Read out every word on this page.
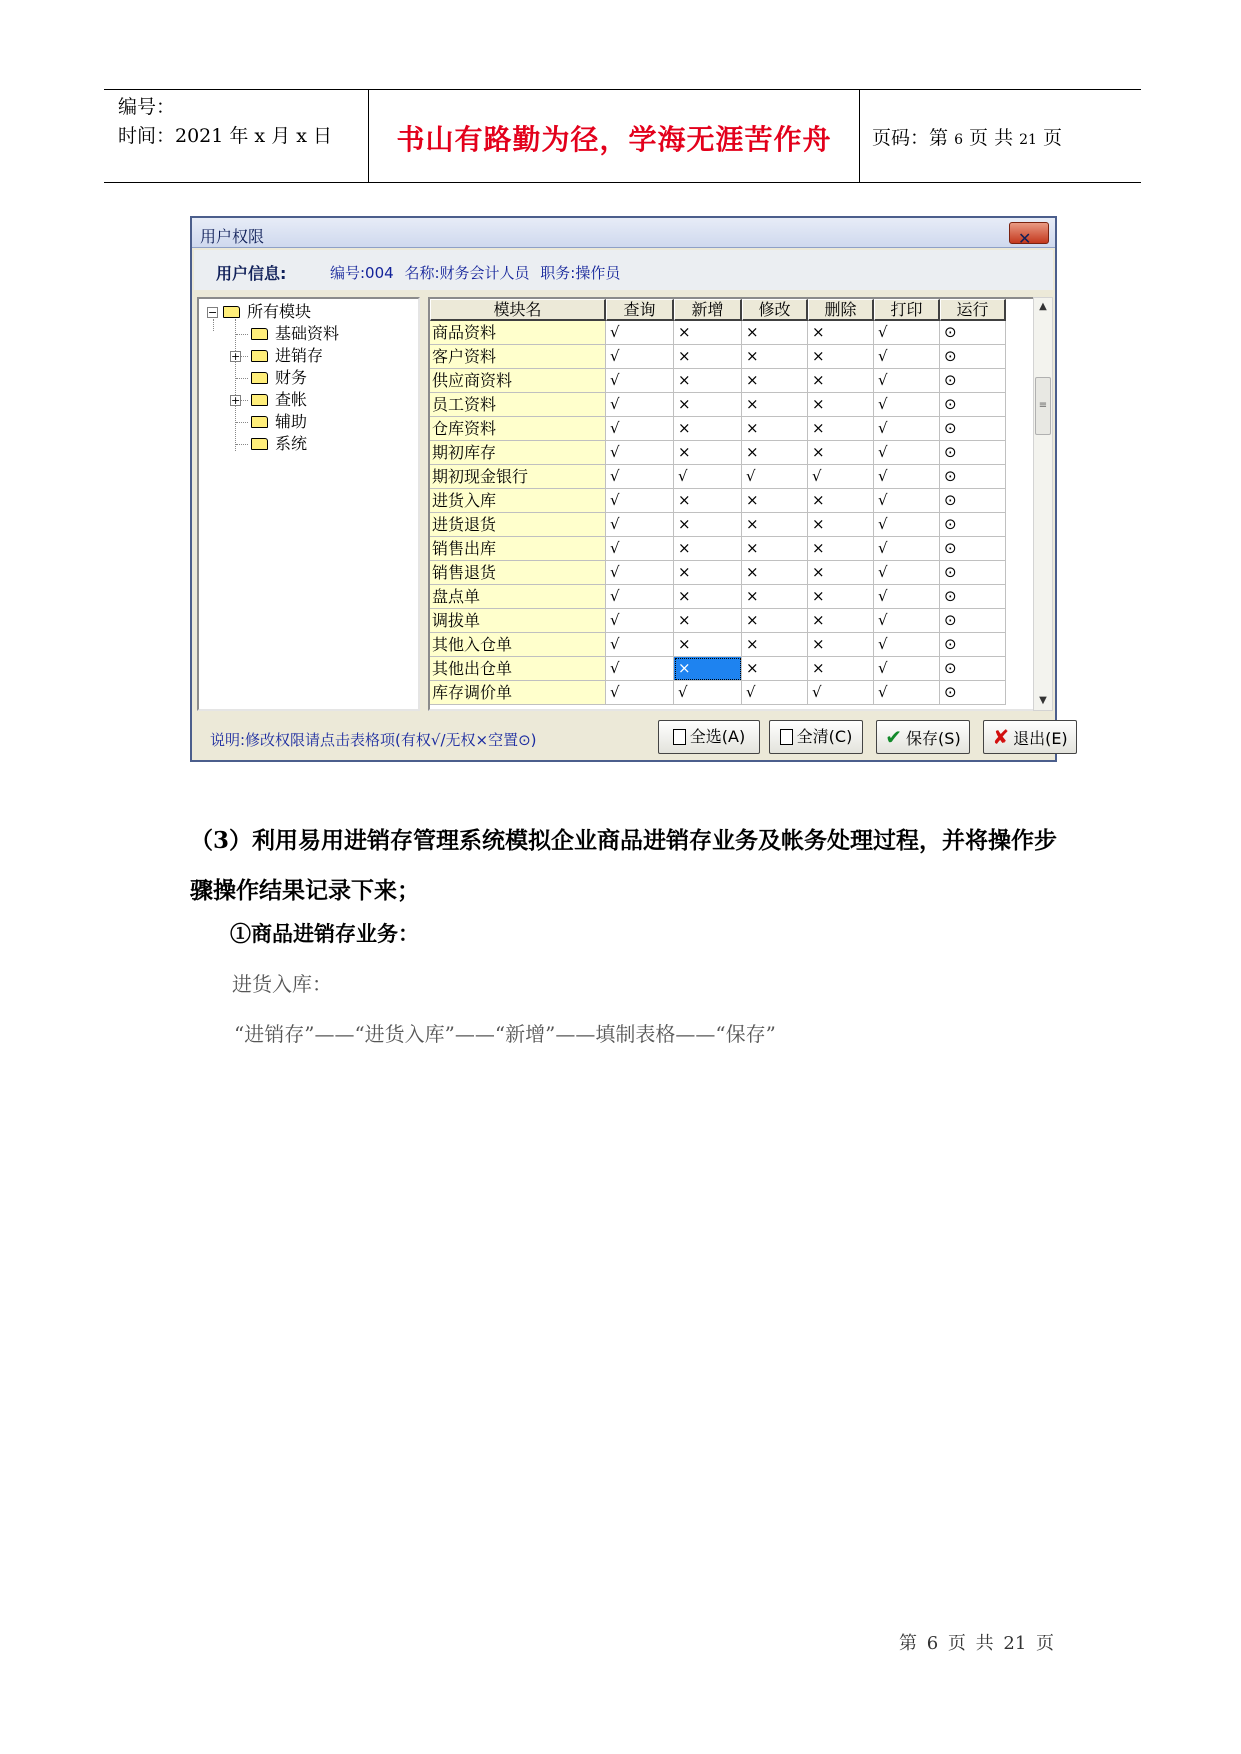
编号：
时间：2021 年 x 月 x 日	书山有路勤为径，学海无涯苦作舟	页码：第 6 页 共 21 页
用户权限	✕
用户信息:	编号:004 名称:财务会计人员 职务:操作员
−	所有模块
基础资料
+	进销存
财务
+	查帐
辅助
系统
模块名	查询	新增	修改	删除	打印	运行
商品资料	√	×	×	×	√	⊙
客户资料	√	×	×	×	√	⊙
供应商资料	√	×	×	×	√	⊙
员工资料	√	×	×	×	√	⊙
仓库资料	√	×	×	×	√	⊙
期初库存	√	×	×	×	√	⊙
期初现金银行	√	√	√	√	√	⊙
进货入库	√	×	×	×	√	⊙
进货退货	√	×	×	×	√	⊙
销售出库	√	×	×	×	√	⊙
销售退货	√	×	×	×	√	⊙
盘点单	√	×	×	×	√	⊙
调拔单	√	×	×	×	√	⊙
其他入仓单	√	×	×	×	√	⊙
其他出仓单	√	×	×	×	√	⊙
库存调价单	√	√	√	√	√	⊙
▲
≡
▼
说明:修改权限请点击表格项(有权√/无权×空置⊙)	全选(A)	全清(C)	✔ 保存(S)	✘ 退出(E)
（3）利用易用进销存管理系统模拟企业商品进销存业务及帐务处理过程，并将操作步骤操作结果记录下来；
①商品进销存业务：
进货入库：
“进销存”——“进货入库”——“新增”——填制表格——“保存”
第 6 页 共 21 页
